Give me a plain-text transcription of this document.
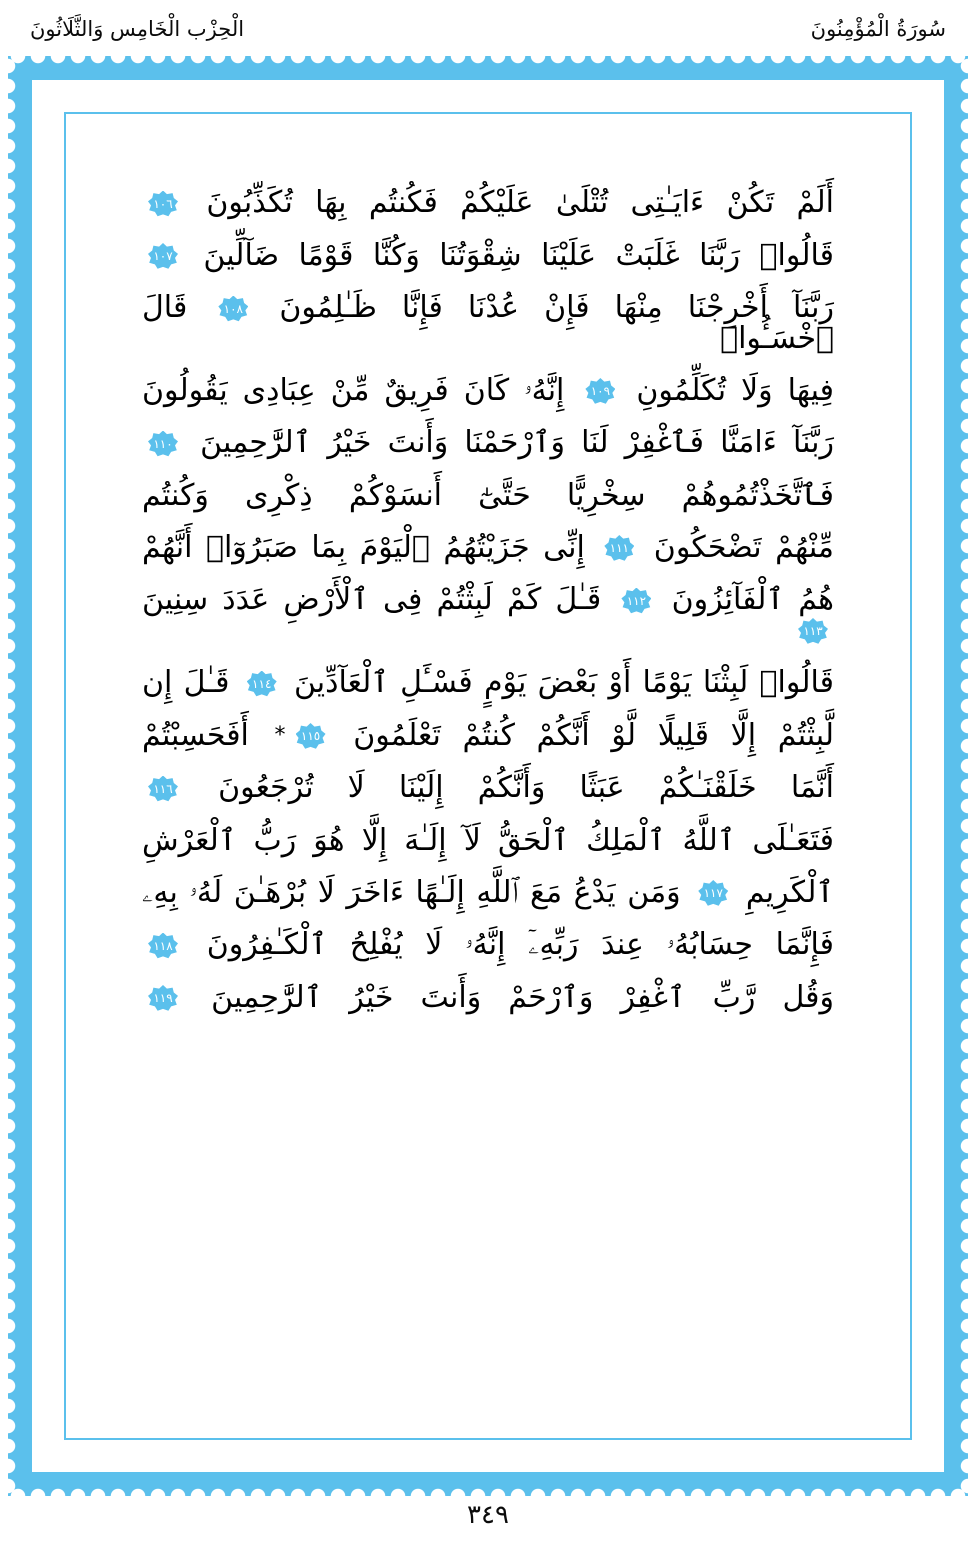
سُورَةُ الْمُؤْمِنُونَ
الْحِزْب الْخَامِس وَالثَّلَاثُونَ
أَلَمْ تَكُنْ ءَايَـٰتِى تُتْلَىٰ عَلَيْكُمْ فَكُنتُم بِهَا تُكَذِّبُونَ
١٠٦
قَالُوا۟ رَبَّنَا غَلَبَتْ عَلَيْنَا شِقْوَتُنَا وَكُنَّا قَوْمًا ضَآلِّينَ
١٠٧
رَبَّنَآ أَخْرِجْنَا مِنْهَا فَإِنْ عُدْنَا فَإِنَّا ظَـٰلِمُونَ
١٠٨
قَالَ ٱخْسَـُٔوا۟
فِيهَا وَلَا تُكَلِّمُونِ
١٠٩
إِنَّهُۥ كَانَ فَرِيقٌ مِّنْ عِبَادِى يَقُولُونَ
رَبَّنَآ ءَامَنَّا فَٱغْفِرْ لَنَا وَٱرْحَمْنَا وَأَنتَ خَيْرُ ٱلرَّٰحِمِينَ
١١٠
فَٱتَّخَذْتُمُوهُمْ سِخْرِيًّا حَتَّىٰٓ أَنسَوْكُمْ ذِكْرِى وَكُنتُم
مِّنْهُمْ تَضْحَكُونَ
١١١
إِنِّى جَزَيْتُهُمُ ٱلْيَوْمَ بِمَا صَبَرُوٓا۟ أَنَّهُمْ
هُمُ ٱلْفَآئِزُونَ
١١٢
قَـٰلَ كَمْ لَبِثْتُمْ فِى ٱلْأَرْضِ عَدَدَ سِنِينَ
١١٣
قَالُوا۟ لَبِثْنَا يَوْمًا أَوْ بَعْضَ يَوْمٍ فَسْـَٔلِ ٱلْعَآدِّينَ
١١٤
قَـٰلَ إِن
لَّبِثْتُمْ إِلَّا قَلِيلًا لَّوْ أَنَّكُمْ كُنتُمْ تَعْلَمُونَ
١١٥
* أَفَحَسِبْتُمْ
أَنَّمَا خَلَقْنَـٰكُمْ عَبَثًا وَأَنَّكُمْ إِلَيْنَا لَا تُرْجَعُونَ
١١٦
فَتَعَـٰلَى ٱللَّهُ ٱلْمَلِكُ ٱلْحَقُّ لَآ إِلَـٰهَ إِلَّا هُوَ رَبُّ ٱلْعَرْشِ
ٱلْكَرِيمِ
١١٧
وَمَن يَدْعُ مَعَ ٱللَّهِ إِلَـٰهًا ءَاخَرَ لَا بُرْهَـٰنَ لَهُۥ بِهِۦ
فَإِنَّمَا حِسَابُهُۥ عِندَ رَبِّهِۦٓ إِنَّهُۥ لَا يُفْلِحُ ٱلْكَـٰفِرُونَ
١١٨
وَقُل رَّبِّ ٱغْفِرْ وَٱرْحَمْ وَأَنتَ خَيْرُ ٱلرَّٰحِمِينَ
١١٩
٣٤٩
